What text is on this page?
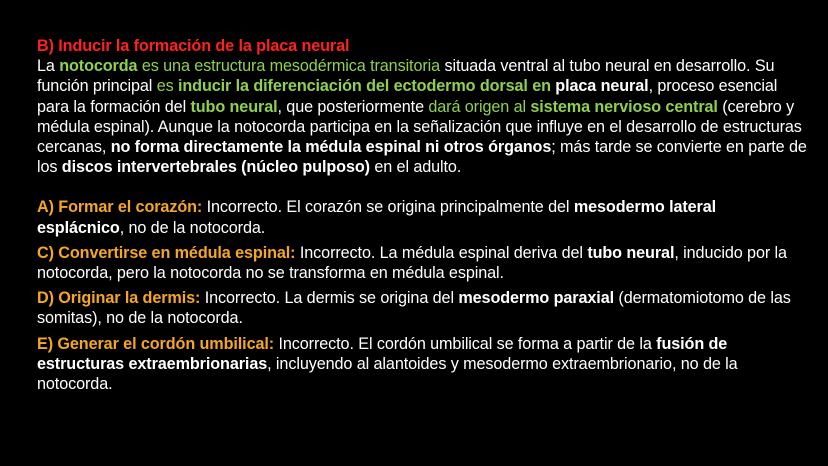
B) Inducir la formación de la placa neural
La notocorda es una estructura mesodérmica transitoria situada ventral al tubo neural en desarrollo. Su función principal es inducir la diferenciación del ectodermo dorsal en placa neural, proceso esencial para la formación del tubo neural, que posteriormente dará origen al sistema nervioso central (cerebro y médula espinal). Aunque la notocorda participa en la señalización que influye en el desarrollo de estructuras cercanas, no forma directamente la médula espinal ni otros órganos; más tarde se convierte en parte de los discos intervertebrales (núcleo pulposo) en el adulto.

A) Formar el corazón: Incorrecto. El corazón se origina principalmente del mesodermo lateral esplácnico, no de la notocorda.

C) Convertirse en médula espinal: Incorrecto. La médula espinal deriva del tubo neural, inducido por la notocorda, pero la notocorda no se transforma en médula espinal.

D) Originar la dermis: Incorrecto. La dermis se origina del mesodermo paraxial (dermatomiotomo de las somitas), no de la notocorda.

E) Generar el cordón umbilical: Incorrecto. El cordón umbilical se forma a partir de la fusión de estructuras extraembrionarias, incluyendo al alantoides y mesodermo extraembrionario, no de la notocorda.
